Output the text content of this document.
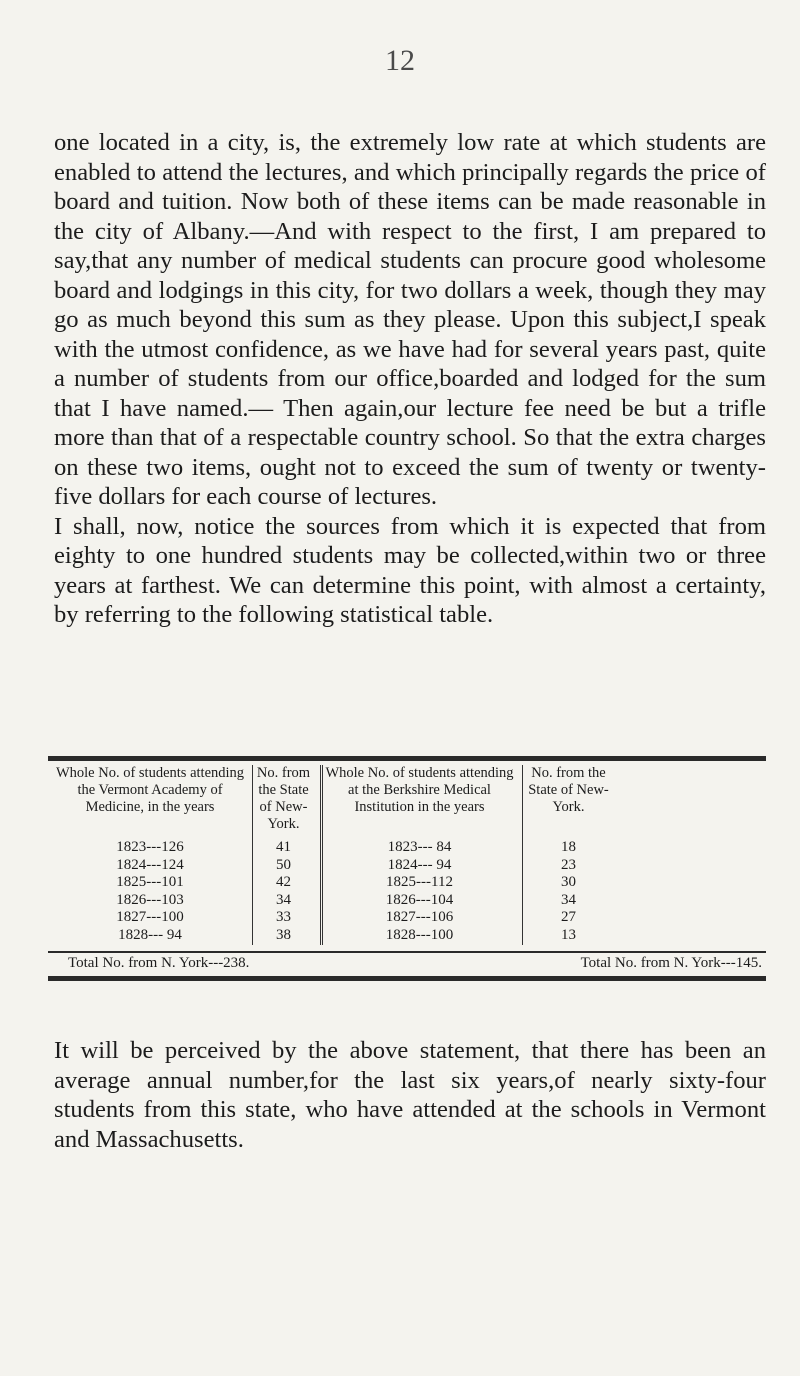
12

one located in a city, is, the extremely low rate at which students are enabled to attend the lectures, and which principally regards the price of board and tuition. Now both of these items can be made reasonable in the city of Albany.—And with respect to the first, I am prepared to say,that any number of medical students can procure good wholesome board and lodgings in this city, for two dollars a week, though they may go as much beyond this sum as they please. Upon this subject,I speak with the utmost confidence, as we have had for several years past, quite a number of students from our office,boarded and lodged for the sum that I have named.— Then again,our lecture fee need be but a trifle more than that of a respectable country school. So that the extra charges on these two items, ought not to exceed the sum of twenty or twenty-five dollars for each course of lectures.

I shall, now, notice the sources from which it is expected that from eighty to one hundred students may be collected,within two or three years at farthest. We can determine this point, with almost a certainty, by referring to the following statistical table.

Whole No. of students attending the Vermont Academy of Medicine, in the years
1823---126
1824---124
1825---101
1826---103
1827---100
1828--- 94
No. from the State of New-York.
41
50
42
34
33
38
Whole No. of students attending at the Berkshire Medical Institution in the years
1823--- 84
1824--- 94
1825---112
1826---104
1827---106
1828---100
No. from the State of New-York.
18
23
30
34
27
13
Total No. from N. York---238.	Total No. from N. York---145.

It will be perceived by the above statement, that there has been an average annual number,for the last six years,of nearly sixty-four students from this state, who have attended at the schools in Vermont and Massachusetts.
